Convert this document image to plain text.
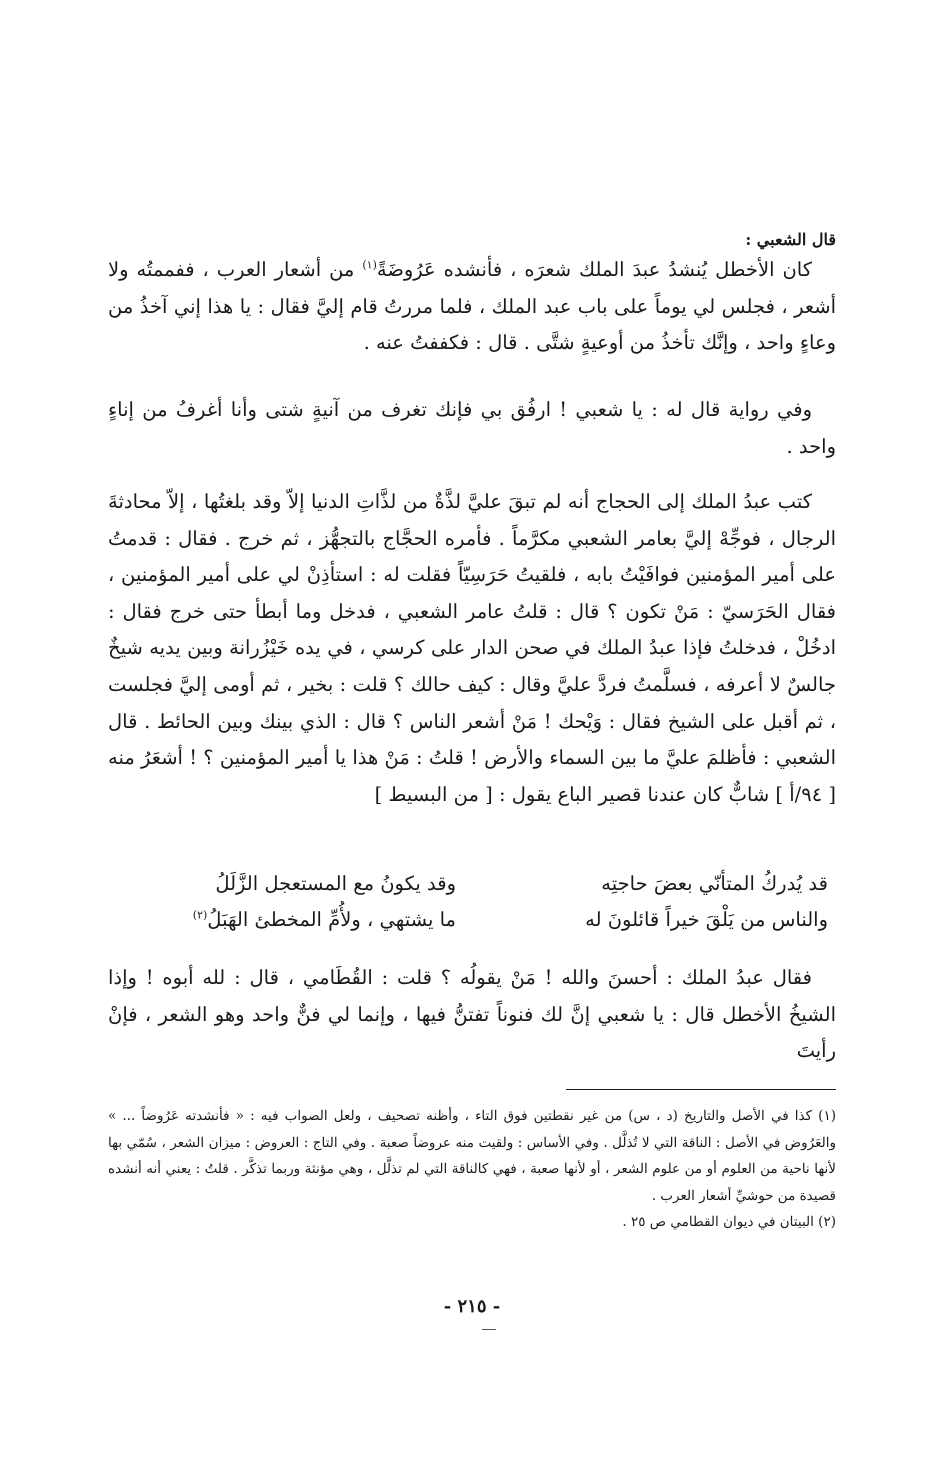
قال الشعبي :

كان الأخطل يُنشدُ عبدَ الملك شعرَه ، فأنشده عَرُوضَةً$^{(١)}$ من أشعار العرب ، ففممتُه ولا أشعر ، فجلس لي يوماً على باب عبد الملك ، فلما مررتُ قام إليَّ فقال : يا هذا إني آخذُ من وعاءٍ واحد ، وإنَّك تأخذُ من أوعيةٍ شتَّى . قال : فكففتُ عنه .

وفي رواية قال له : يا شعبي ! ارفُق بي فإنك تغرف من آنيةٍ شتى وأنا أغرفُ من إناءٍ واحد .

كتب عبدُ الملك إلى الحجاج أنه لم تبقَ عليَّ لذَّةٌ من لذَّاتِ الدنيا إلاّ وقد بلغتُها ، إلاّ محادثةَ الرجال ، فوجِّهْ إليَّ بعامر الشعبي مكرَّماً . فأمره الحجَّاج بالتجهُّز ، ثم خرج . فقال : قدمتُ على أمير المؤمنين فوافَيْتُ بابه ، فلقيتُ حَرَسِيّاً فقلت له : استأذِنْ لي على أمير المؤمنين ، فقال الحَرَسيّ : مَنْ تكون ؟ قال : قلتُ عامر الشعبي ، فدخل وما أبطأ حتى خرج فقال : ادخُلْ ، فدخلتُ فإذا عبدُ الملك في صحن الدار على كرسي ، في يده خَيْزُرانة وبين يديه شيخٌ جالسٌ لا أعرفه ، فسلَّمتُ فردَّ عليَّ وقال : كيف حالك ؟ قلت : بخير ، ثم أومى إليَّ فجلست ، ثم أقبل على الشيخ فقال : وَيْحك ! مَنْ أشعر الناس ؟ قال : الذي بينك وبين الحائط . قال الشعبي : فأظلمَ عليَّ ما بين السماء والأرض ! قلتُ : مَنْ هذا يا أمير المؤمنين ؟ ! أشعَرُ منه [ ٩٤/أ ] شابٌّ كان عندنا قصير الباع يقول : [ من البسيط ]

قد يُدركُ المتأنّي بعضَ حاجتِه
وقد يكونُ مع المستعجل الزَّلَلُ
والناس من يَلْقَ خيراً قائلونَ له
ما يشتهي ، ولأُمِّ المخطئ الهَبَلُ$^{(٢)}$

فقال عبدُ الملك : أحسنَ والله ! مَنْ يقولُه ؟ قلت : القُطَامي ، قال : لله أبوه ! وإذا الشيخُ الأخطل قال : يا شعبي إنَّ لك فنوناً تفتنُّ فيها ، وإنما لي فنٌّ واحد وهو الشعر ، فإنْ رأيتَ

(١) كذا في الأصل والتاريخ (د ، س) من غير نقطتين فوق التاء ، وأظنه تصحيف ، ولعل الصواب فيه : « فأنشدته عَرُوضاً ... » والعَرُوض في الأصل : الناقة التي لا تُذلَّل . وفي الأساس : ولقيت منه عروضاً صعبة . وفي التاج : العروض : ميزان الشعر ، سُمّي بها لأنها ناحية من العلوم أو من علوم الشعر ، أو لأنها صعبة ، فهي كالناقة التي لم تذلَّل ، وهي مؤنثة وربما تذكَّر . قلتُ : يعني أنه أنشده قصيدة من حوشيِّ أشعار العرب .

(٢) البيتان في ديوان القطامي ص ٢٥ .

- ٢١٥ -
